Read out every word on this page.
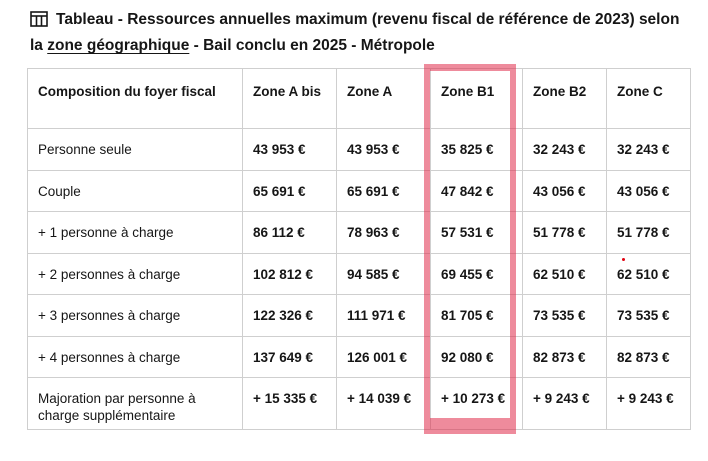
Tableau - Ressources annuelles maximum (revenu fiscal de référence de 2023) selon la zone géographique - Bail conclu en 2025 - Métropole
Composition du foyer fiscal	Zone A bis	Zone A	Zone B1	Zone B2	Zone C
Personne seule	43 953 €	43 953 €	35 825 €	32 243 €	32 243 €
Couple	65 691 €	65 691 €	47 842 €	43 056 €	43 056 €
+ 1 personne à charge	86 112 €	78 963 €	57 531 €	51 778 €	51 778 €
+ 2 personnes à charge	102 812 €	94 585 €	69 455 €	62 510 €	62 510 €
+ 3 personnes à charge	122 326 €	111 971 €	81 705 €	73 535 €	73 535 €
+ 4 personnes à charge	137 649 €	126 001 €	92 080 €	82 873 €	82 873 €
Majoration par personne à charge supplémentaire	+ 15 335 €	+ 14 039 €	+ 10 273 €	+ 9 243 €	+ 9 243 €
